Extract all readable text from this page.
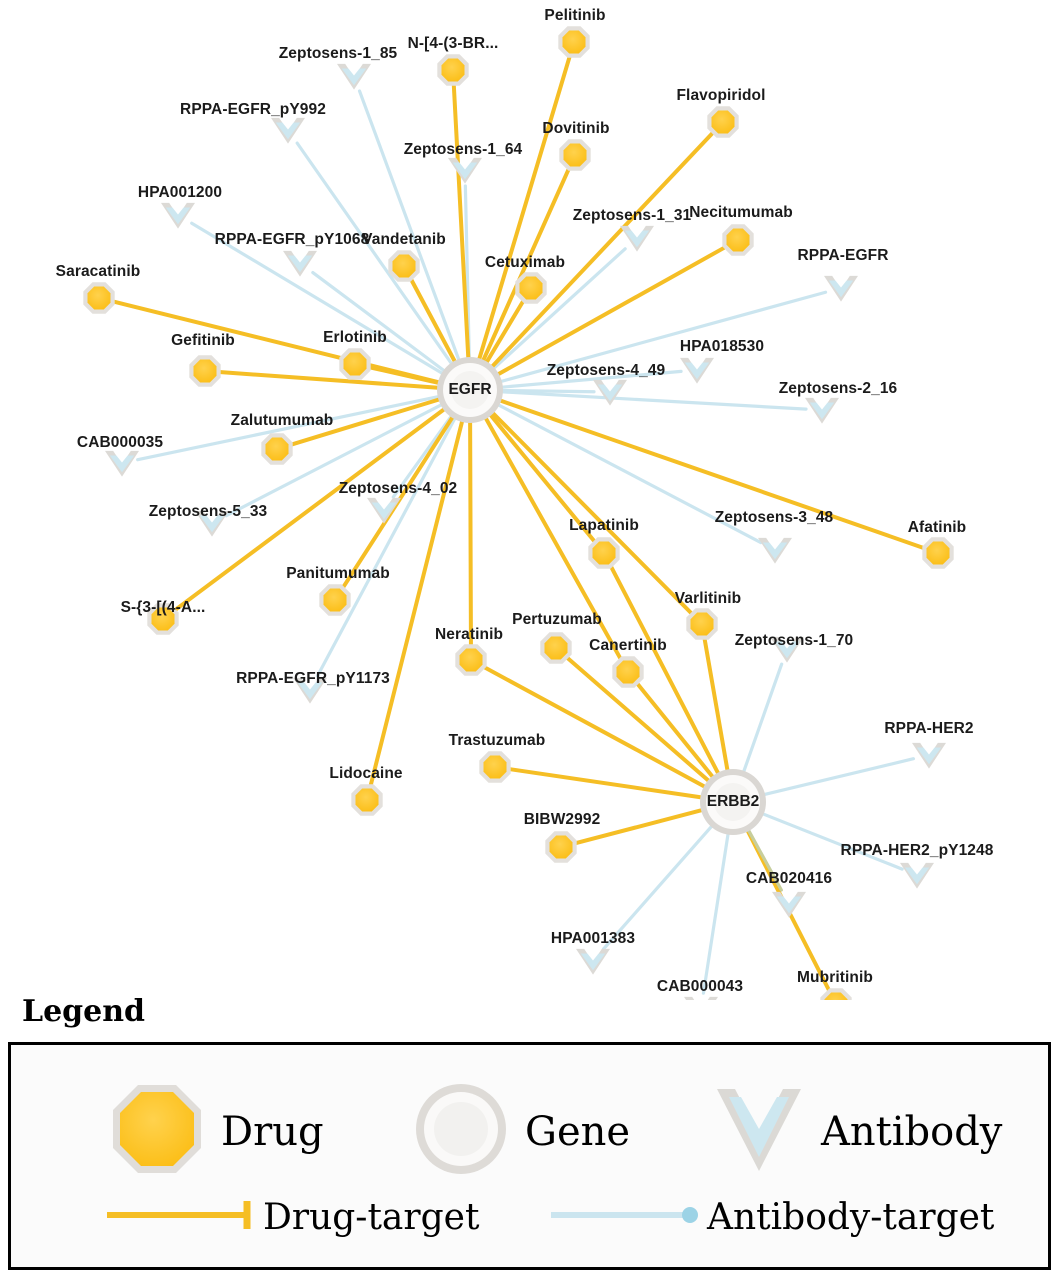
Zeptosens-1_85
RPPA-EGFR_pY992
Zeptosens-1_64
HPA001200
Zeptosens-1_31
RPPA-EGFR_pY1068
RPPA-EGFR
HPA018530
Zeptosens-4_49
Zeptosens-2_16
CAB000035
Zeptosens-4_02
Zeptosens-5_33	Zeptosens-3_48
Zeptosens-1_70
RPPA-EGFR_pY1173
RPPA-HER2
RPPA-HER2_pY1248
CAB020416
HPA001383
CAB000043
Pelitinib
N-[4-(3-BR...
Flavopiridol
Dovitinib
Necitumumab
Vandetanib
Cetuximab
Saracatinib
Erlotinib
Gefitinib
Zalutumumab
Afatinib
Lapatinib
Panitumumab
S-{3-[(4-A...
Varlitinib
Pertuzumab
Neratinib
Canertinib
Trastuzumab
Lidocaine
BIBW2992
Mubritinib
EGFR
ERBB2
Legend
Drug	Gene	Antibody
Drug-target	Antibody-target
